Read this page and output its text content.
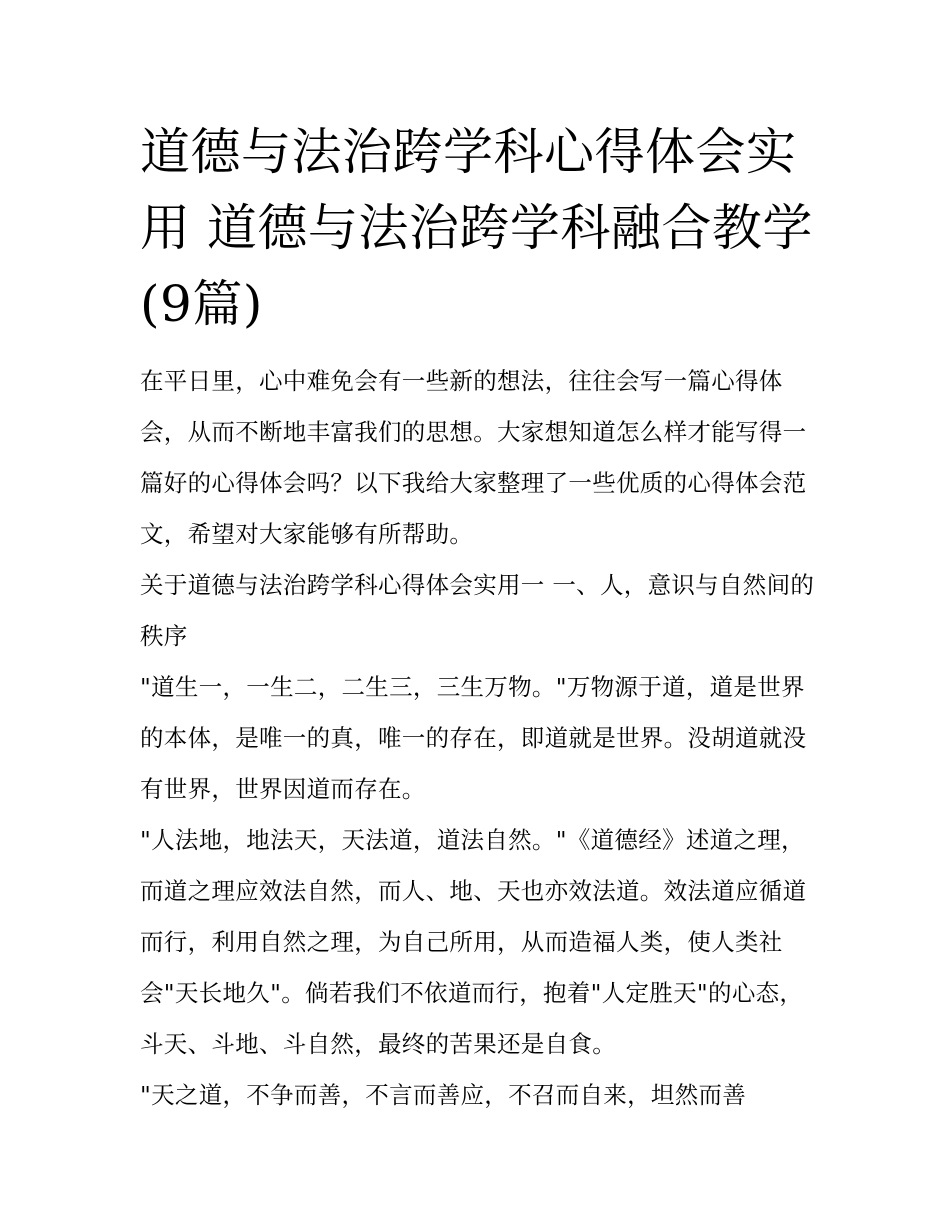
道德与法治跨学科心得体会实用 道德与法治跨学科融合教学(9篇)

在平日里，心中难免会有一些新的想法，往往会写一篇心得体会，从而不断地丰富我们的思想。大家想知道怎么样才能写得一篇好的心得体会吗？以下我给大家整理了一些优质的心得体会范文，希望对大家能够有所帮助。

关于道德与法治跨学科心得体会实用一 一、人，意识与自然间的秩序

"道生一，一生二，二生三，三生万物。"万物源于道，道是世界的本体，是唯一的真，唯一的存在，即道就是世界。没胡道就没有世界，世界因道而存在。

"人法地，地法天，天法道，道法自然。"《道德经》述道之理，而道之理应效法自然，而人、地、天也亦效法道。效法道应循道而行，利用自然之理，为自己所用，从而造福人类，使人类社会"天长地久"。倘若我们不依道而行，抱着"人定胜天"的心态，斗天、斗地、斗自然，最终的苦果还是自食。

"天之道，不争而善，不言而善应，不召而自来，坦然而善
